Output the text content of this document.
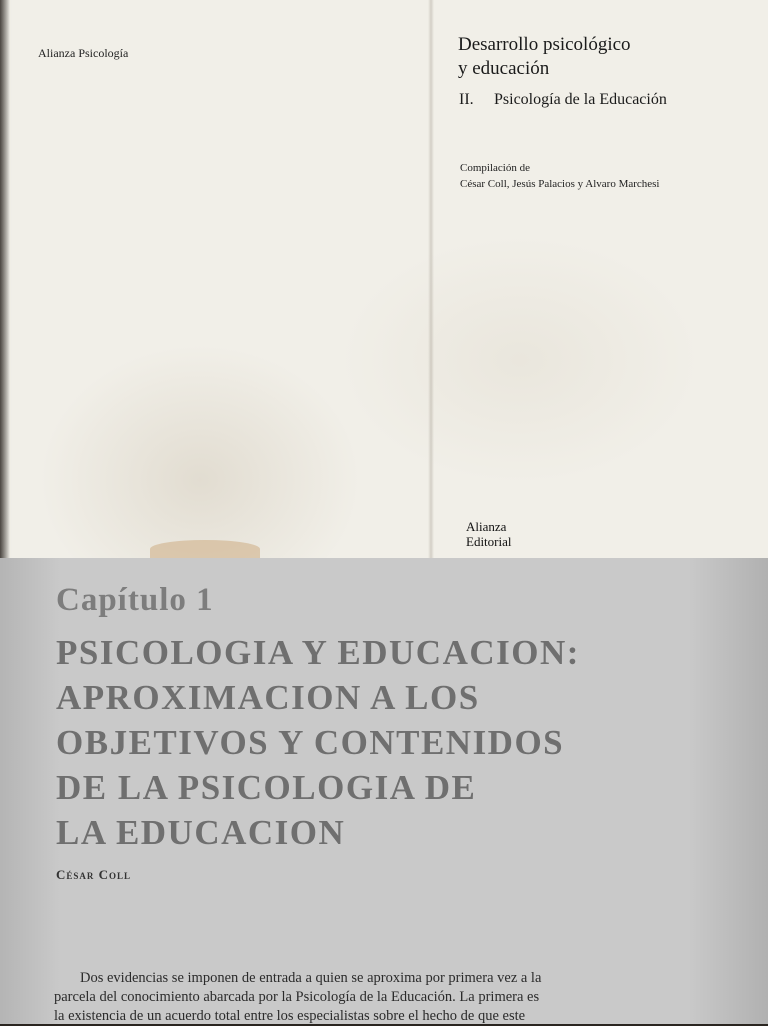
Alianza Psicología	Desarrollo psicológico
y educación
II. Psicología de la Educación
Compilación de
César Coll, Jesús Palacios y Alvaro Marchesi
Alianza
Editorial
Capítulo 1
PSICOLOGIA Y EDUCACION:
APROXIMACION A LOS
OBJETIVOS Y CONTENIDOS
DE LA PSICOLOGIA DE
LA EDUCACION
César Coll
Dos evidencias se imponen de entrada a quien se aproxima por primera vez a la
parcela del conocimiento abarcada por la Psicología de la Educación. La primera es
la existencia de un acuerdo total entre los especialistas sobre el hecho de que este
